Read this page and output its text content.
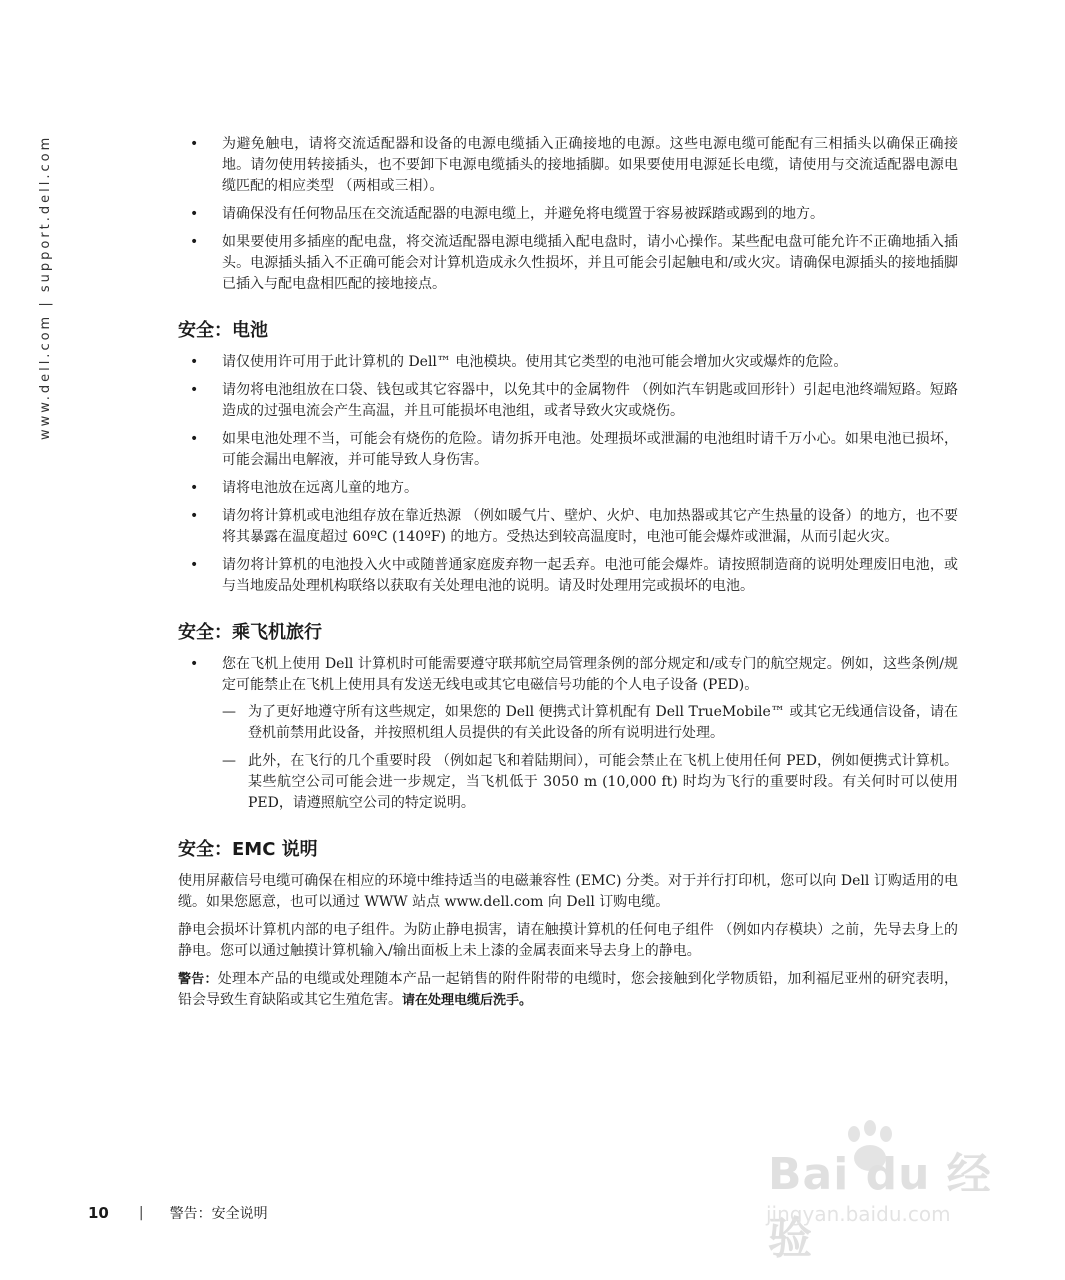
www.dell.com | support.dell.com	• 为避免触电，请将交流适配器和设备的电源电缆插入正确接地的电源。这些电源电缆可能配有三相插头以确保正确接地。请勿使用转接插头，也不要卸下电源电缆插头的接地插脚。如果要使用电源延长电缆，请使用与交流适配器电源电缆匹配的相应类型 （两相或三相）。
• 请确保没有任何物品压在交流适配器的电源电缆上，并避免将电缆置于容易被踩踏或踢到的地方。
• 如果要使用多插座的配电盘，将交流适配器电源电缆插入配电盘时，请小心操作。某些配电盘可能允许不正确地插入插头。电源插头插入不正确可能会对计算机造成永久性损坏，并且可能会引起触电和/或火灾。请确保电源插头的接地插脚已插入与配电盘相匹配的接地接点。
安全：电池
• 请仅使用许可用于此计算机的 Dell™ 电池模块。使用其它类型的电池可能会增加火灾或爆炸的危险。
• 请勿将电池组放在口袋、钱包或其它容器中，以免其中的金属物件 （例如汽车钥匙或回形针）引起电池终端短路。短路造成的过强电流会产生高温，并且可能损坏电池组，或者导致火灾或烧伤。
• 如果电池处理不当，可能会有烧伤的危险。请勿拆开电池。处理损坏或泄漏的电池组时请千万小心。如果电池已损坏，可能会漏出电解液，并可能导致人身伤害。
• 请将电池放在远离儿童的地方。
• 请勿将计算机或电池组存放在靠近热源 （例如暖气片、壁炉、火炉、电加热器或其它产生热量的设备）的地方，也不要将其暴露在温度超过 60ºC (140ºF) 的地方。受热达到较高温度时，电池可能会爆炸或泄漏，从而引起火灾。
• 请勿将计算机的电池投入火中或随普通家庭废弃物一起丢弃。电池可能会爆炸。请按照制造商的说明处理废旧电池，或与当地废品处理机构联络以获取有关处理电池的说明。请及时处理用完或损坏的电池。
安全：乘飞机旅行
• 您在飞机上使用 Dell 计算机时可能需要遵守联邦航空局管理条例的部分规定和/或专门的航空规定。例如，这些条例/规定可能禁止在飞机上使用具有发送无线电或其它电磁信号功能的个人电子设备 (PED)。
— 为了更好地遵守所有这些规定，如果您的 Dell 便携式计算机配有 Dell TrueMobile™ 或其它无线通信设备，请在登机前禁用此设备，并按照机组人员提供的有关此设备的所有说明进行处理。
— 此外，在飞行的几个重要时段 （例如起飞和着陆期间），可能会禁止在飞机上使用任何 PED，例如便携式计算机。某些航空公司可能会进一步规定，当飞机低于 3050 m (10,000 ft) 时均为飞行的重要时段。有关何时可以使用 PED，请遵照航空公司的特定说明。
安全：EMC 说明

使用屏蔽信号电缆可确保在相应的环境中维持适当的电磁兼容性 (EMC) 分类。对于并行打印机，您可以向 Dell 订购适用的电缆。如果您愿意，也可以通过 WWW 站点 www.dell.com 向 Dell 订购电缆。

静电会损坏计算机内部的电子组件。为防止静电损害，请在触摸计算机的任何电子组件 （例如内存模块）之前，先导去身上的静电。您可以通过触摸计算机输入/输出面板上未上漆的金属表面来导去身上的静电。

警告：处理本产品的电缆或处理随本产品一起销售的附件附带的电缆时，您会接触到化学物质铅，加利福尼亚州的研究表明，铅会导致生育缺陷或其它生殖危害。请在处理电缆后洗手。

Bai du 经验
jingyan.baidu.com
10 | 警告：安全说明
